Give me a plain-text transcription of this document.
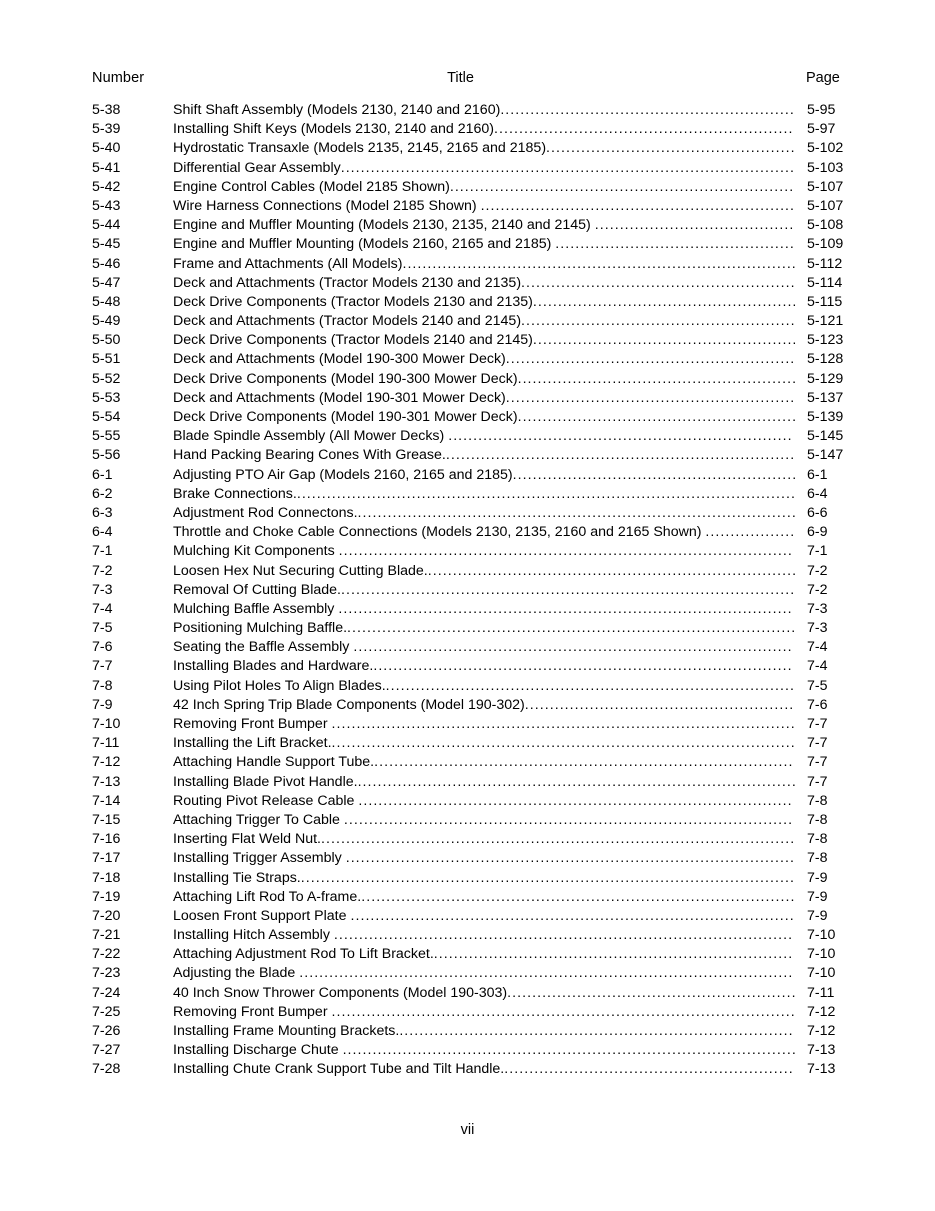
Number	Title	Page
5-38	Shift Shaft Assembly (Models 2130, 2140 and 2160)........................................................... 5-95
5-39	Installing Shift Keys (Models 2130, 2140 and 2160)............................................................ 5-97
5-40	Hydrostatic Transaxle (Models 2135, 2145, 2165 and 2185).................................................. 5-102
5-41	Differential Gear Assembly........................................................................................... 5-103
5-42	Engine Control Cables (Model 2185 Shown)..................................................................... 5-107
5-43	Wire Harness Connections (Model 2185 Shown) ............................................................... 5-107
5-44	Engine and Muffler Mounting (Models 2130, 2135, 2140 and 2145) ........................................ 5-108
5-45	Engine and Muffler Mounting (Models 2160, 2165 and 2185) ................................................ 5-109
5-46	Frame and Attachments (All Models)............................................................................... 5-112
5-47	Deck and Attachments (Tractor Models 2130 and 2135)....................................................... 5-114
5-48	Deck Drive Components (Tractor Models 2130 and 2135)..................................................... 5-115
5-49	Deck and Attachments (Tractor Models 2140 and 2145)....................................................... 5-121
5-50	Deck Drive Components (Tractor Models 2140 and 2145)..................................................... 5-123
5-51	Deck and Attachments (Model 190-300 Mower Deck).......................................................... 5-128
5-52	Deck Drive Components (Model 190-300 Mower Deck)........................................................ 5-129
5-53	Deck and Attachments (Model 190-301 Mower Deck).......................................................... 5-137
5-54	Deck Drive Components (Model 190-301 Mower Deck)........................................................ 5-139
5-55	Blade Spindle Assembly (All Mower Decks) .....................................................................	5-145
5-56	Hand Packing Bearing Cones With Grease....................................................................... 5-147
6-1	Adjusting PTO Air Gap (Models 2160, 2165 and 2185)......................................................... 6-1
6-2	Brake Connections..................................................................................................... 6-4
6-3	Adjustment Rod Connectons......................................................................................... 6-6
6-4	Throttle and Choke Cable Connections (Models 2130, 2135, 2160 and 2165 Shown) .................. 6-9
7-1	Mulching Kit Components ........................................................................................... 7-1
7-2	Loosen Hex Nut Securing Cutting Blade........................................................................... 7-2
7-3	Removal Of Cutting Blade............................................................................................ 7-2
7-4	Mulching Baffle Assembly ...........................................................................................	7-3
7-5	Positioning Mulching Baffle........................................................................................... 7-3
7-6	Seating the Baffle Assembly ........................................................................................	7-4
7-7	Installing Blades and Hardware.....................................................................................	7-4
7-8	Using Pilot Holes To Align Blades................................................................................... 7-5
7-9	42 Inch Spring Trip Blade Components (Model 190-302)...................................................... 7-6
7-10	Removing Front Bumper ............................................................................................. 7-7
7-11	Installing the Lift Bracket.............................................................................................. 7-7
7-12	Attaching Handle Support Tube..................................................................................... 7-7
7-13	Installing Blade Pivot Handle......................................................................................... 7-7
7-14	Routing Pivot Release Cable .......................................................................................	7-8
7-15	Attaching Trigger To Cable .......................................................................................... 7-8
7-16	Inserting Flat Weld Nut................................................................................................ 7-8
7-17	Installing Trigger Assembly .......................................................................................... 7-8
7-18	Installing Tie Straps.................................................................................................... 7-9
7-19	Attaching Lift Rod To A-frame........................................................................................ 7-9
7-20	Loosen Front Support Plate ......................................................................................... 7-9
7-21	Installing Hitch Assembly ............................................................................................ 7-10
7-22	Attaching Adjustment Rod To Lift Bracket......................................................................... 7-10
7-23	Adjusting the Blade ................................................................................................... 7-10
7-24	40 Inch Snow Thrower Components (Model 190-303).......................................................... 7-11
7-25	Removing Front Bumper ............................................................................................. 7-12
7-26	Installing Frame Mounting Brackets................................................................................ 7-12
7-27	Installing Discharge Chute ........................................................................................... 7-13
7-28	Installing Chute Crank Support Tube and Tilt Handle........................................................... 7-13
vii
